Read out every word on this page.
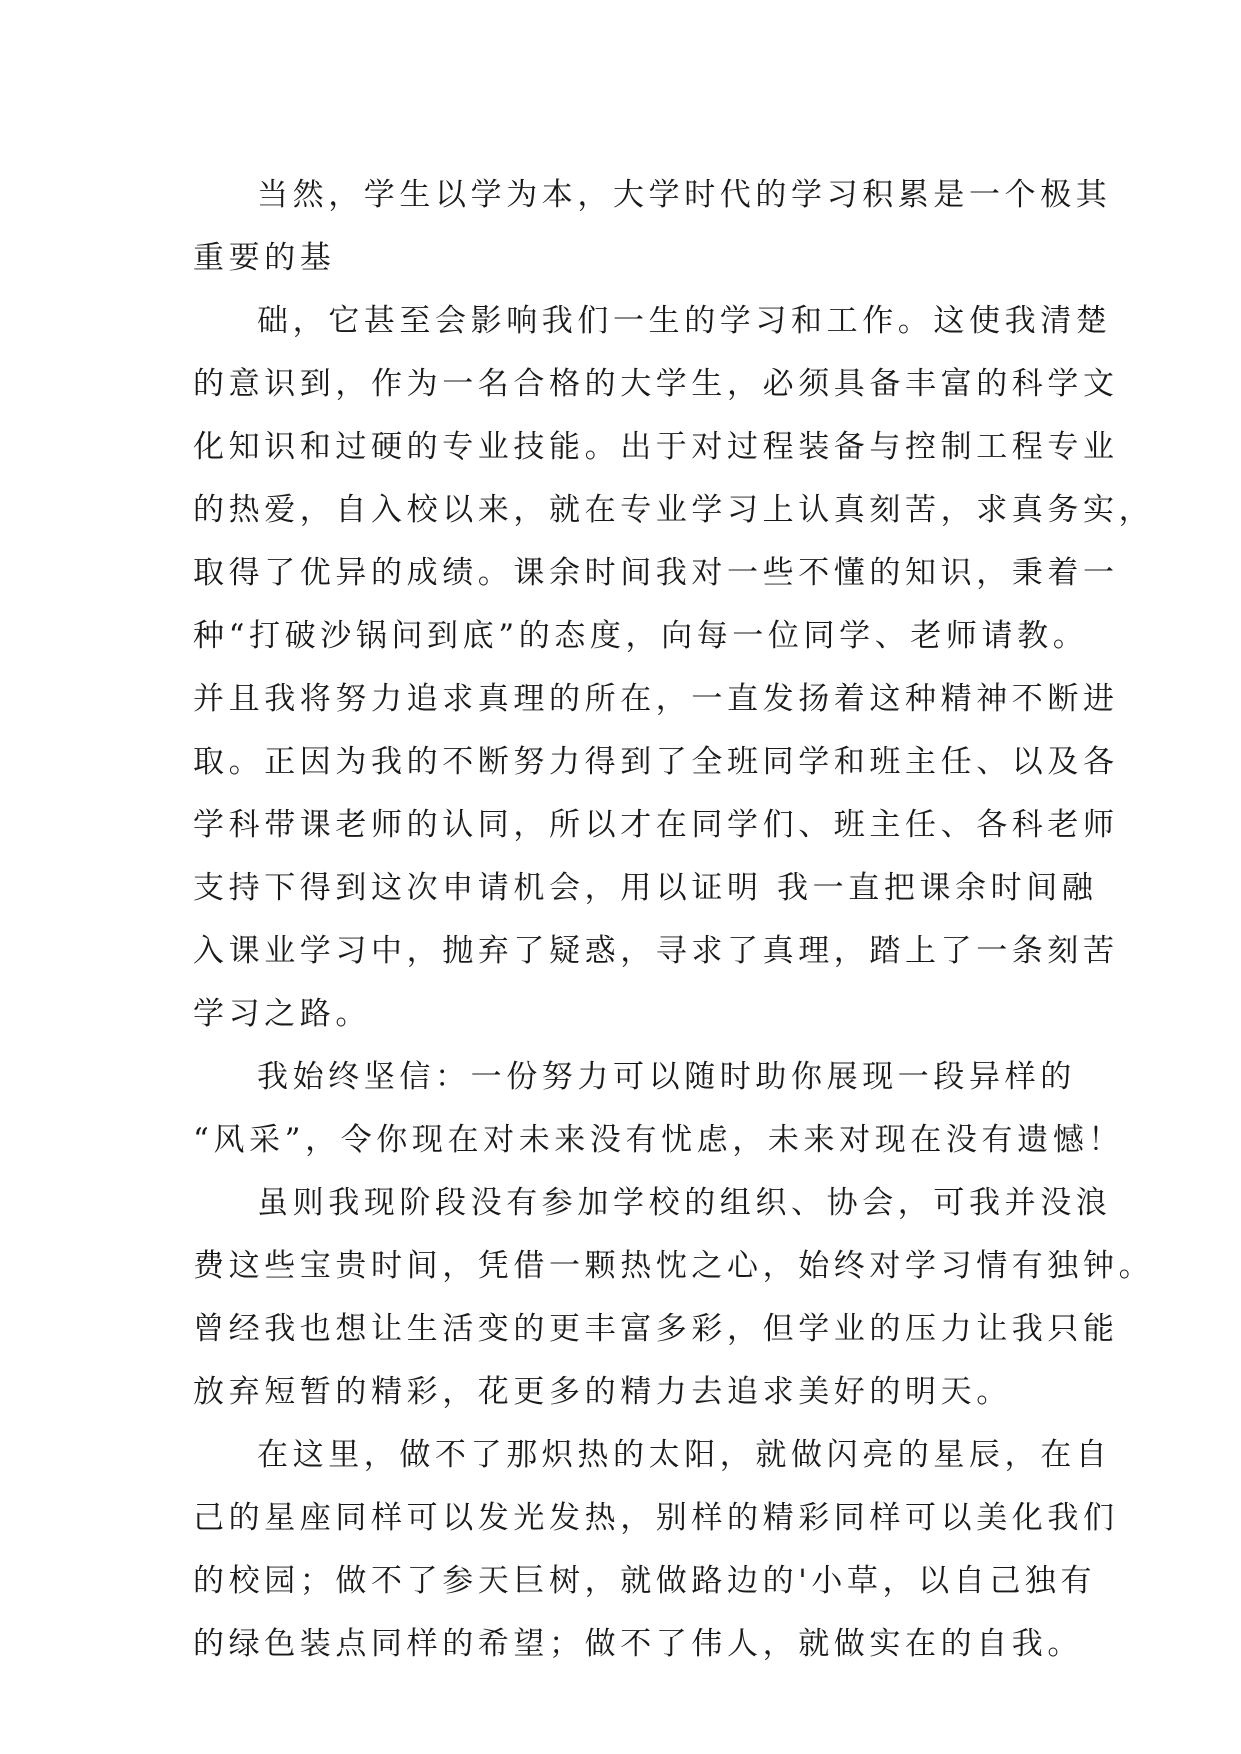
当然，学生以学为本，大学时代的学习积累是一个极其
重要的基
础，它甚至会影响我们一生的学习和工作。这使我清楚
的意识到，作为一名合格的大学生，必须具备丰富的科学文
化知识和过硬的专业技能。出于对过程装备与控制工程专业
的热爱，自入校以来，就在专业学习上认真刻苦，求真务实，
取得了优异的成绩。课余时间我对一些不懂的知识，秉着一
种“打破沙锅问到底”的态度，向每一位同学、老师请教。
并且我将努力追求真理的所在，一直发扬着这种精神不断进
取。正因为我的不断努力得到了全班同学和班主任、以及各
学科带课老师的认同，所以才在同学们、班主任、各科老师
支持下得到这次申请机会，用以证明 我一直把课余时间融
入课业学习中，抛弃了疑惑，寻求了真理，踏上了一条刻苦
学习之路。
我始终坚信：一份努力可以随时助你展现一段异样的
“风采”，令你现在对未来没有忧虑，未来对现在没有遗憾！
虽则我现阶段没有参加学校的组织、协会，可我并没浪
费这些宝贵时间，凭借一颗热忱之心，始终对学习情有独钟。
曾经我也想让生活变的更丰富多彩，但学业的压力让我只能
放弃短暂的精彩，花更多的精力去追求美好的明天。
在这里，做不了那炽热的太阳，就做闪亮的星辰，在自
己的星座同样可以发光发热，别样的精彩同样可以美化我们
的校园；做不了参天巨树，就做路边的'小草，以自己独有
的绿色装点同样的希望；做不了伟人，就做实在的自我。
